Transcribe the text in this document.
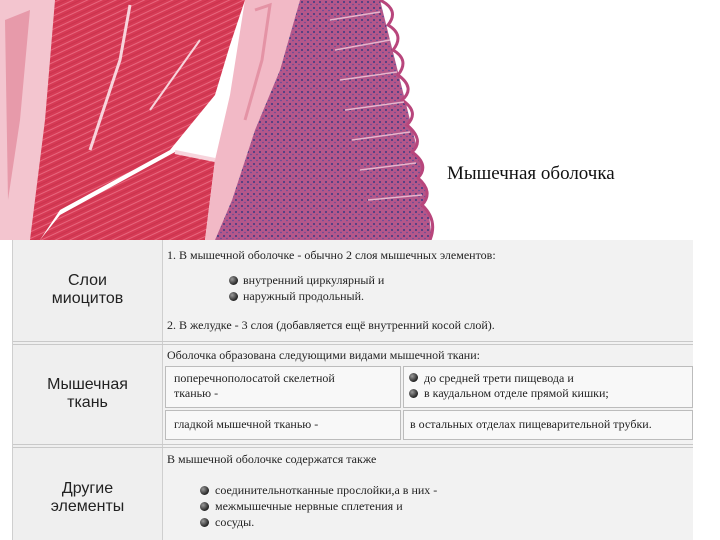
Мышечная оболочка
Слои
миоцитов
Мышечная
ткань
Другие
элементы
1. В мышечной оболочке - обычно 2 слоя мышечных элементов:
внутренний циркулярный и
наружный продольный.
2. В желудке - 3 слоя (добавляется ещё внутренний косой слой).
Оболочка образована следующими видами мышечной ткани:
поперечнополосатой скелетной
тканью -
до средней трети пищевода и
в каудальном отделе прямой кишки;
гладкой мышечной тканью -	в остальных отделах пищеварительной трубки.
В мышечной оболочке содержатся также
соединительнотканные прослойки,а в них -
межмышечные нервные сплетения и
сосуды.
